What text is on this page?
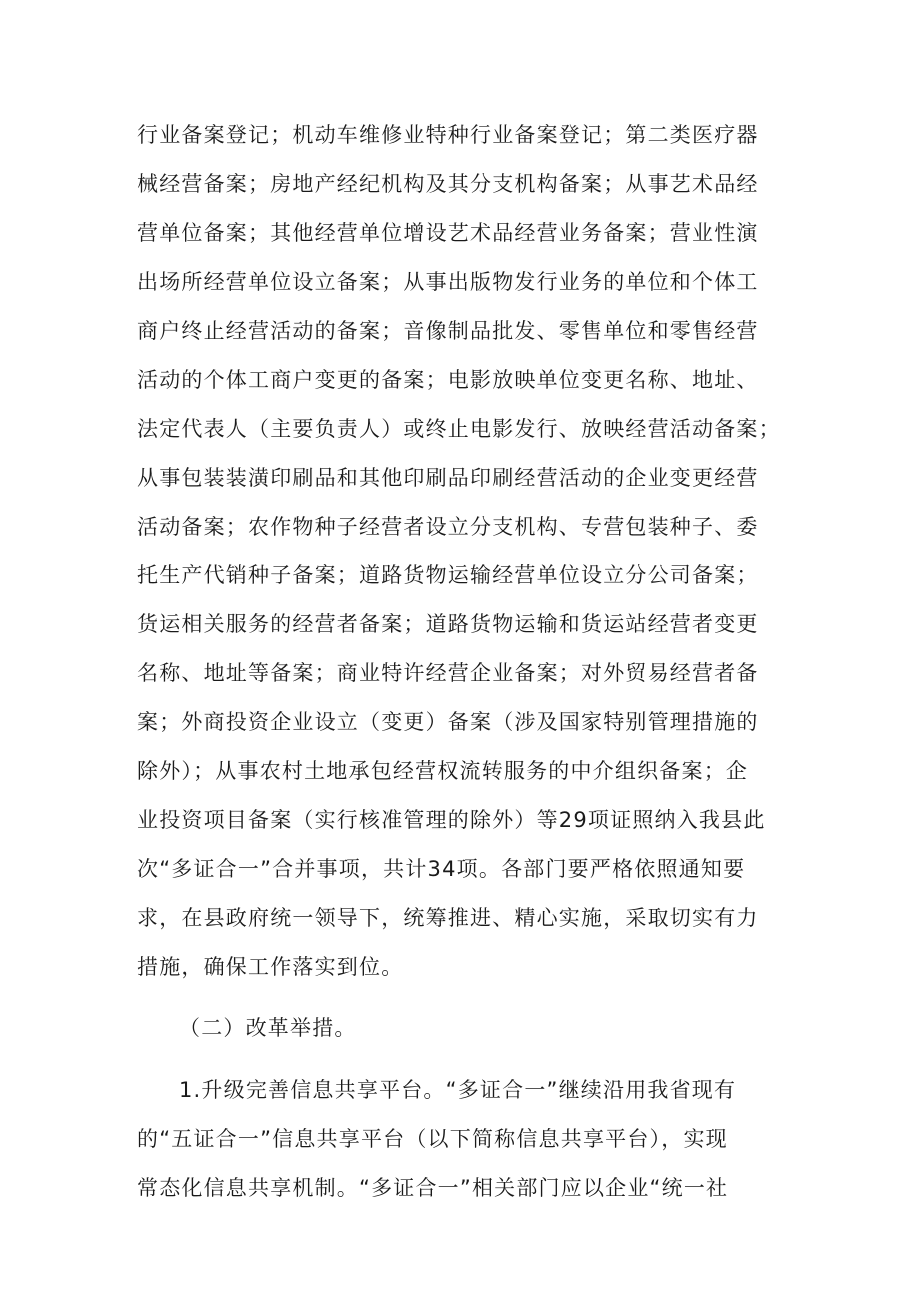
行业备案登记；机动车维修业特种行业备案登记；第二类医疗器
械经营备案；房地产经纪机构及其分支机构备案；从事艺术品经
营单位备案；其他经营单位增设艺术品经营业务备案；营业性演
出场所经营单位设立备案；从事出版物发行业务的单位和个体工
商户终止经营活动的备案；音像制品批发、零售单位和零售经营
活动的个体工商户变更的备案；电影放映单位变更名称、地址、
法定代表人（主要负责人）或终止电影发行、放映经营活动备案；
从事包装装潢印刷品和其他印刷品印刷经营活动的企业变更经营
活动备案；农作物种子经营者设立分支机构、专营包装种子、委
托生产代销种子备案；道路货物运输经营单位设立分公司备案；
货运相关服务的经营者备案；道路货物运输和货运站经营者变更
名称、地址等备案；商业特许经营企业备案；对外贸易经营者备
案；外商投资企业设立（变更）备案（涉及国家特别管理措施的
除外）；从事农村土地承包经营权流转服务的中介组织备案；企
业投资项目备案（实行核准管理的除外）等29项证照纳入我县此
次“多证合一”合并事项，共计34项。各部门要严格依照通知要
求，在县政府统一领导下，统筹推进、精心实施，采取切实有力
措施，确保工作落实到位。
（二）改革举措。
1.升级完善信息共享平台。“多证合一”继续沿用我省现有
的“五证合一”信息共享平台（以下简称信息共享平台），实现
常态化信息共享机制。“多证合一”相关部门应以企业“统一社
